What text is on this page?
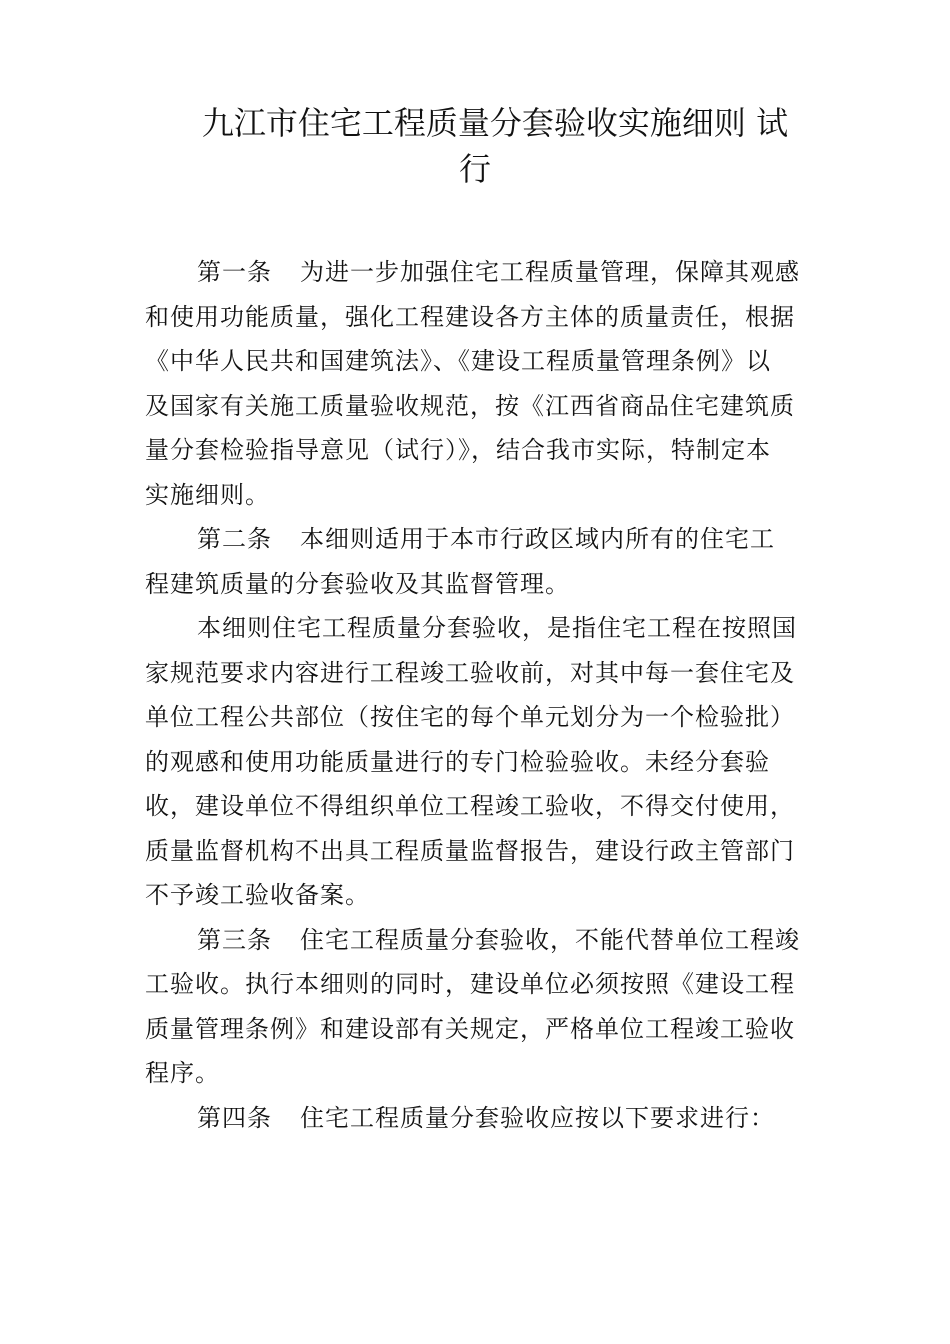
九江市住宅工程质量分套验收实施细则 试
行
第一条 为进一步加强住宅工程质量管理，保障其观感
和使用功能质量，强化工程建设各方主体的质量责任，根据
《中华人民共和国建筑法》、《建设工程质量管理条例》以
及国家有关施工质量验收规范，按《江西省商品住宅建筑质
量分套检验指导意见（试行）》，结合我市实际，特制定本
实施细则。
第二条 本细则适用于本市行政区域内所有的住宅工
程建筑质量的分套验收及其监督管理。
本细则住宅工程质量分套验收，是指住宅工程在按照国
家规范要求内容进行工程竣工验收前，对其中每一套住宅及
单位工程公共部位（按住宅的每个单元划分为一个检验批）
的观感和使用功能质量进行的专门检验验收。未经分套验
收，建设单位不得组织单位工程竣工验收，不得交付使用，
质量监督机构不出具工程质量监督报告，建设行政主管部门
不予竣工验收备案。
第三条 住宅工程质量分套验收，不能代替单位工程竣
工验收。执行本细则的同时，建设单位必须按照《建设工程
质量管理条例》和建设部有关规定，严格单位工程竣工验收
程序。
第四条 住宅工程质量分套验收应按以下要求进行：
